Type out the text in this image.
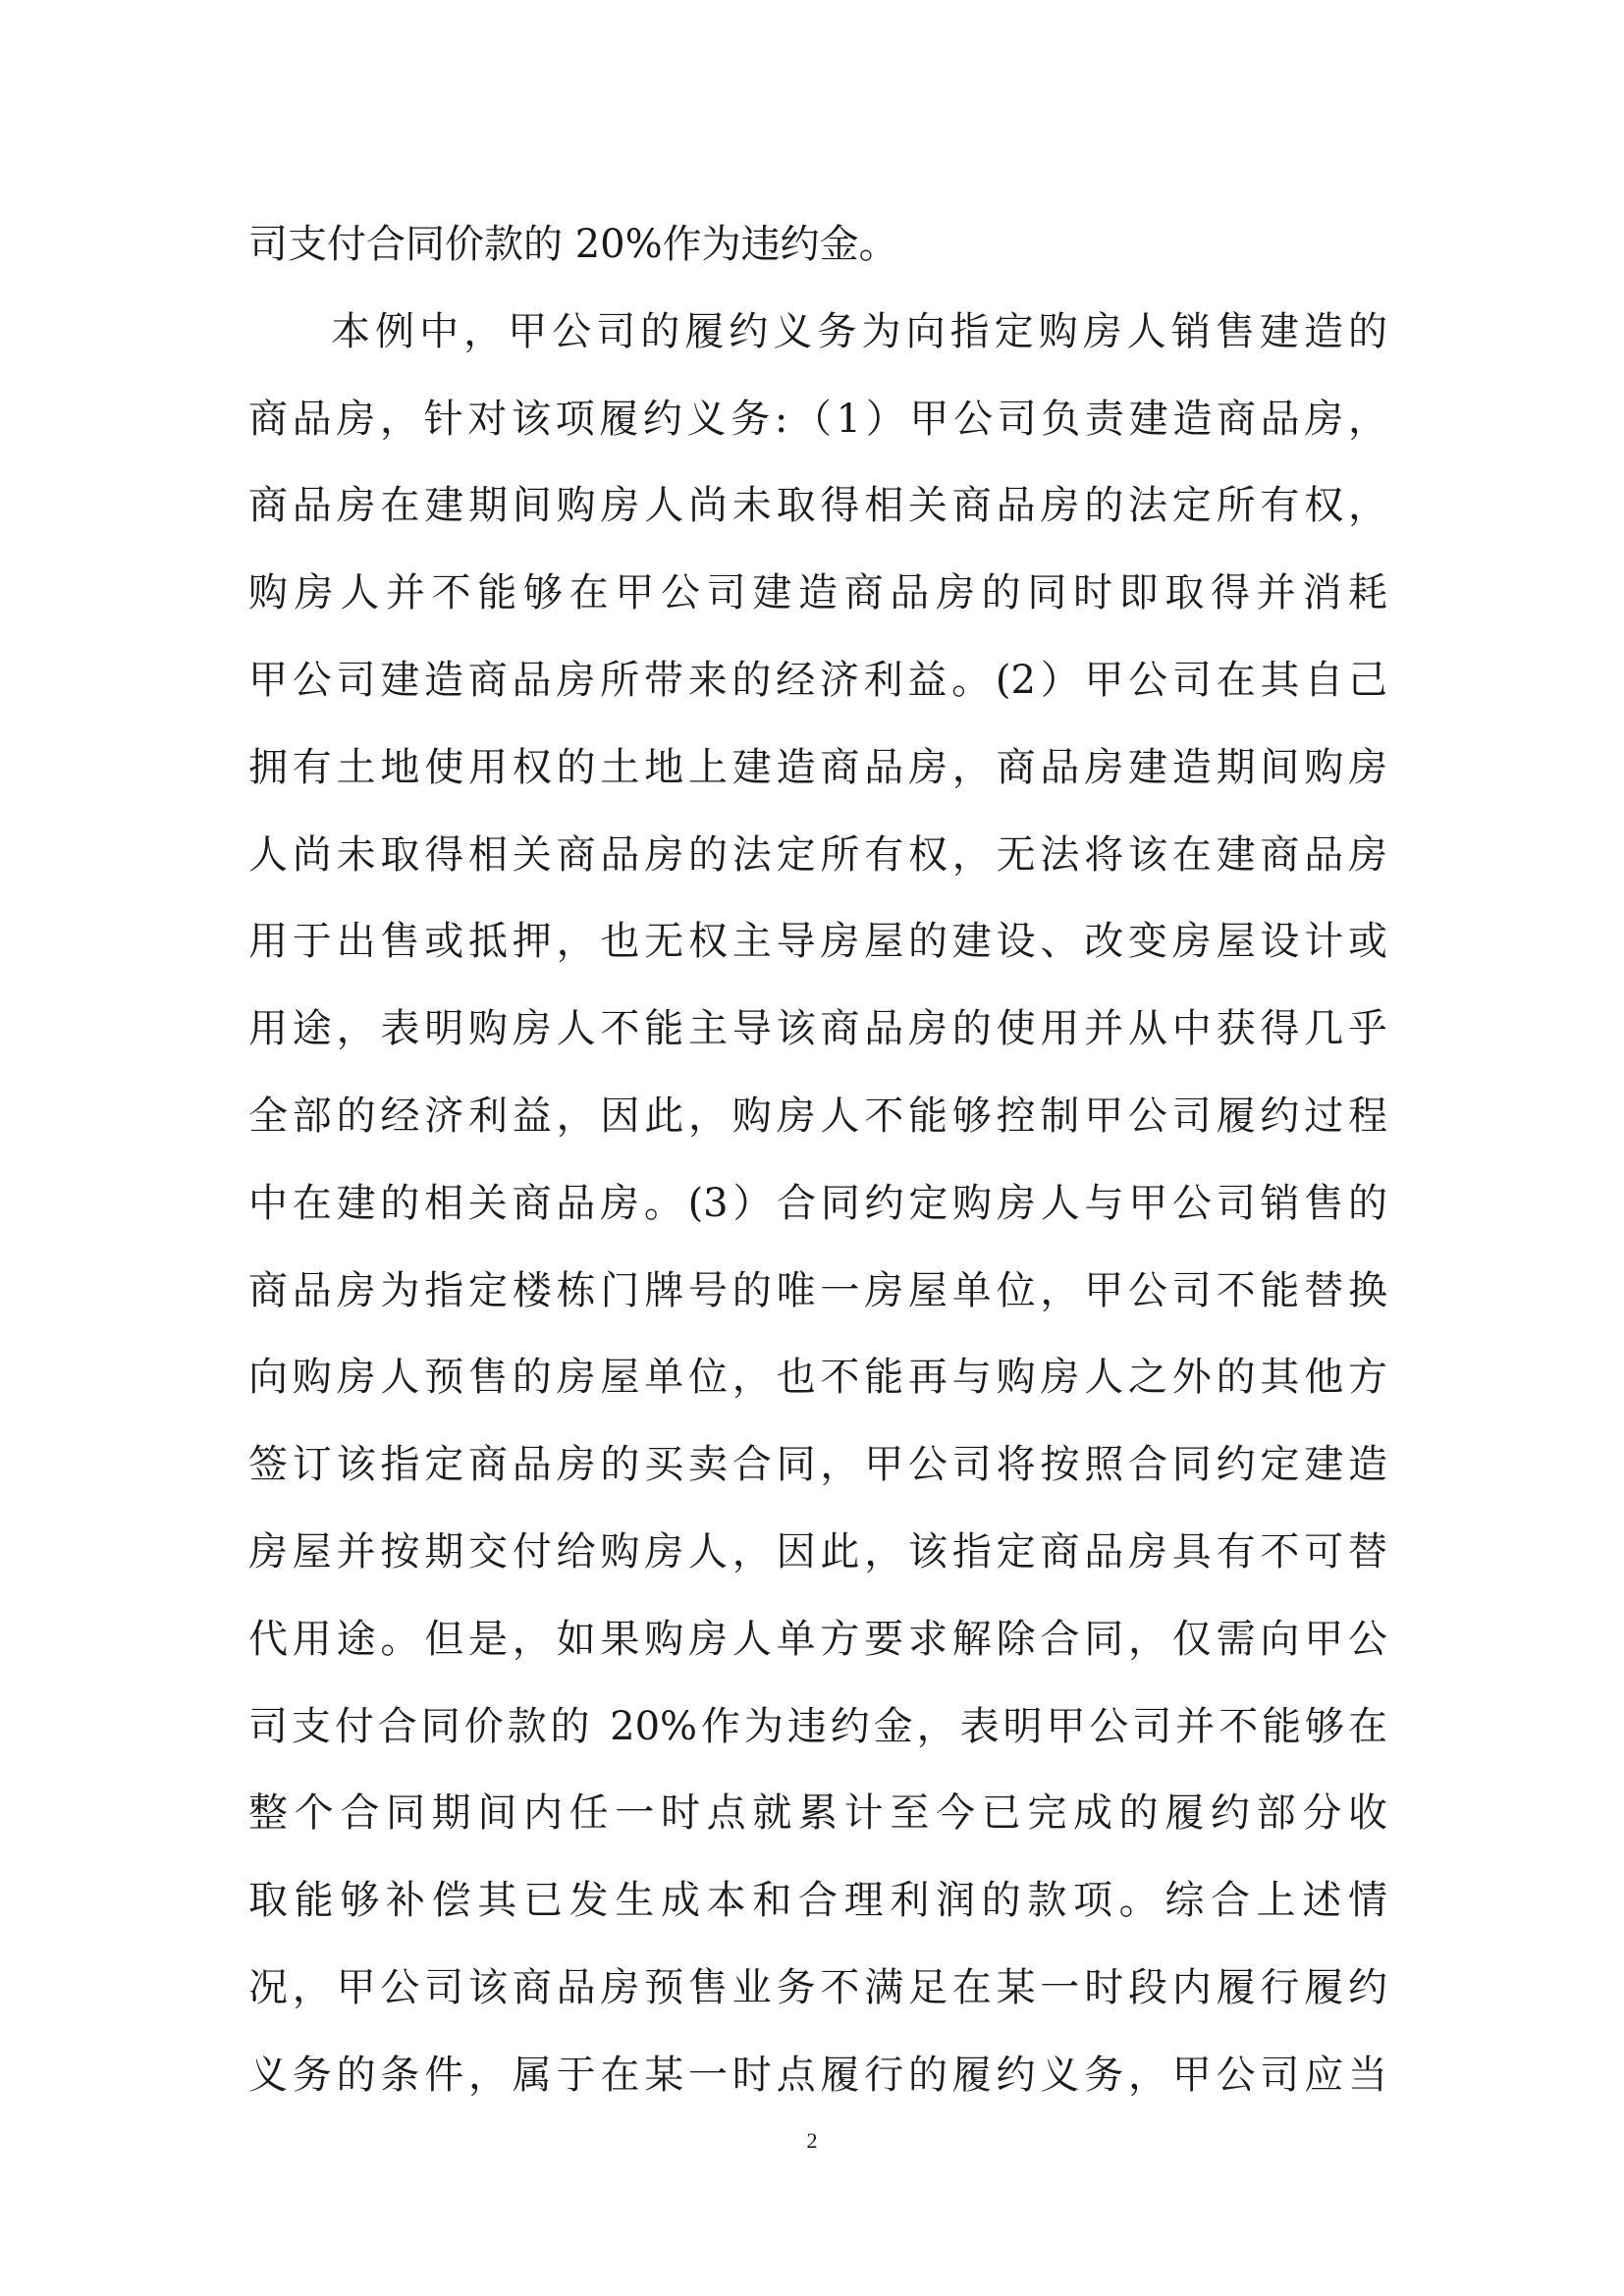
司支付合同价款的 20%作为违约金。
本例中，甲公司的履约义务为向指定购房人销售建造的
商品房，针对该项履约义务:（1）甲公司负责建造商品房，
商品房在建期间购房人尚未取得相关商品房的法定所有权，
购房人并不能够在甲公司建造商品房的同时即取得并消耗
甲公司建造商品房所带来的经济利益。(2）甲公司在其自己
拥有土地使用权的土地上建造商品房，商品房建造期间购房
人尚未取得相关商品房的法定所有权，无法将该在建商品房
用于出售或抵押，也无权主导房屋的建设、改变房屋设计或
用途，表明购房人不能主导该商品房的使用并从中获得几乎
全部的经济利益，因此，购房人不能够控制甲公司履约过程
中在建的相关商品房。(3）合同约定购房人与甲公司销售的
商品房为指定楼栋门牌号的唯一房屋单位，甲公司不能替换
向购房人预售的房屋单位，也不能再与购房人之外的其他方
签订该指定商品房的买卖合同，甲公司将按照合同约定建造
房屋并按期交付给购房人，因此，该指定商品房具有不可替
代用途。但是，如果购房人单方要求解除合同，仅需向甲公
司支付合同价款的 20%作为违约金，表明甲公司并不能够在
整个合同期间内任一时点就累计至今已完成的履约部分收
取能够补偿其已发生成本和合理利润的款项。综合上述情
况，甲公司该商品房预售业务不满足在某一时段内履行履约
义务的条件，属于在某一时点履行的履约义务，甲公司应当
2
